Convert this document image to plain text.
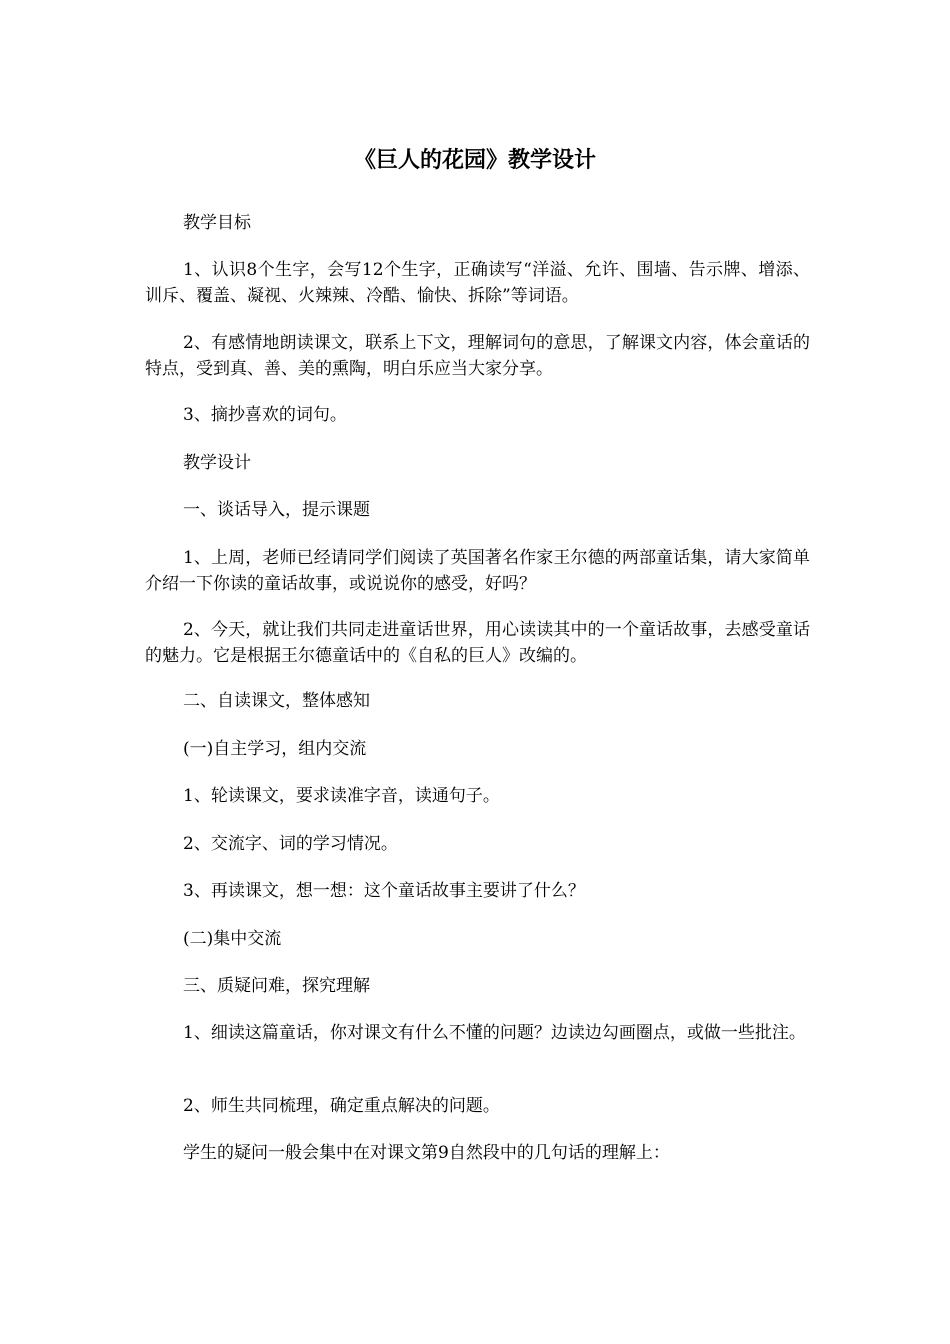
《巨人的花园》教学设计

教学目标

1、认识8个生字，会写12个生字，正确读写“洋溢、允许、围墙、告示牌、增添、训斥、覆盖、凝视、火辣辣、冷酷、愉快、拆除”等词语。

2、有感情地朗读课文，联系上下文，理解词句的意思，了解课文内容，体会童话的特点，受到真、善、美的熏陶，明白乐应当大家分享。

3、摘抄喜欢的词句。

教学设计

一、谈话导入，提示课题

1、上周，老师已经请同学们阅读了英国著名作家王尔德的两部童话集，请大家简单介绍一下你读的童话故事，或说说你的感受，好吗？

2、今天，就让我们共同走进童话世界，用心读读其中的一个童话故事，去感受童话的魅力。它是根据王尔德童话中的《自私的巨人》改编的。

二、自读课文，整体感知

(一)自主学习，组内交流

1、轮读课文，要求读准字音，读通句子。

2、交流字、词的学习情况。

3、再读课文，想一想：这个童话故事主要讲了什么？

(二)集中交流

三、质疑问难，探究理解

1、细读这篇童话，你对课文有什么不懂的问题？边读边勾画圈点，或做一些批注。

2、师生共同梳理，确定重点解决的问题。

学生的疑问一般会集中在对课文第9自然段中的几句话的理解上：
